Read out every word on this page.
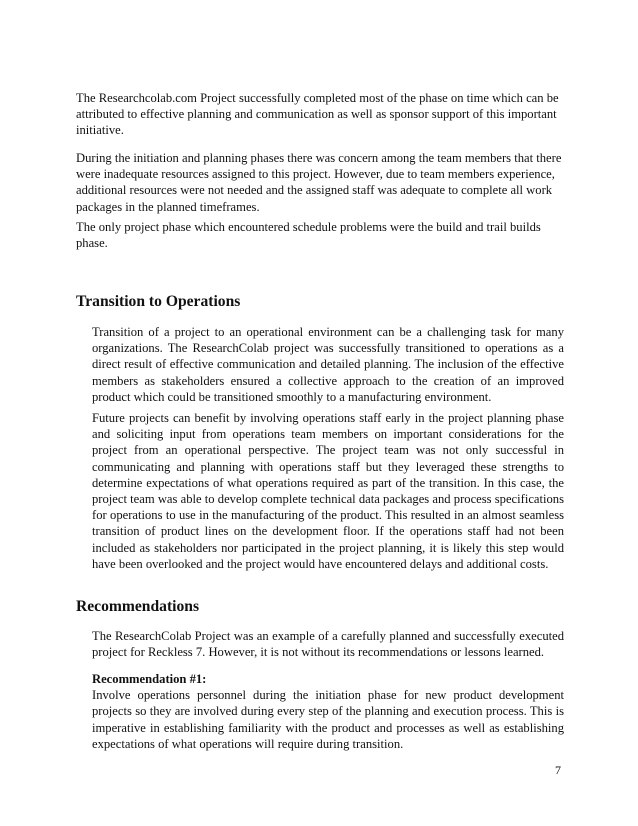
The Researchcolab.com Project successfully completed most of the phase on time which can be attributed to effective planning and communication as well as sponsor support of this important initiative.

During the initiation and planning phases there was concern among the team members that there were inadequate resources assigned to this project. However, due to team members experience, additional resources were not needed and the assigned staff was adequate to complete all work packages in the planned timeframes.

The only project phase which encountered schedule problems were the build and trail builds phase.

Transition to Operations

Transition of a project to an operational environment can be a challenging task for many organizations. The ResearchColab project was successfully transitioned to operations as a direct result of effective communication and detailed planning. The inclusion of the effective members as stakeholders ensured a collective approach to the creation of an improved product which could be transitioned smoothly to a manufacturing environment.

Future projects can benefit by involving operations staff early in the project planning phase and soliciting input from operations team members on important considerations for the project from an operational perspective. The project team was not only successful in communicating and planning with operations staff but they leveraged these strengths to determine expectations of what operations required as part of the transition. In this case, the project team was able to develop complete technical data packages and process specifications for operations to use in the manufacturing of the product. This resulted in an almost seamless transition of product lines on the development floor. If the operations staff had not been included as stakeholders nor participated in the project planning, it is likely this step would have been overlooked and the project would have encountered delays and additional costs.

Recommendations

The ResearchColab Project was an example of a carefully planned and successfully executed project for Reckless 7. However, it is not without its recommendations or lessons learned.

Recommendation #1:
Involve operations personnel during the initiation phase for new product development projects so they are involved during every step of the planning and execution process. This is imperative in establishing familiarity with the product and processes as well as establishing expectations of what operations will require during transition.
7
